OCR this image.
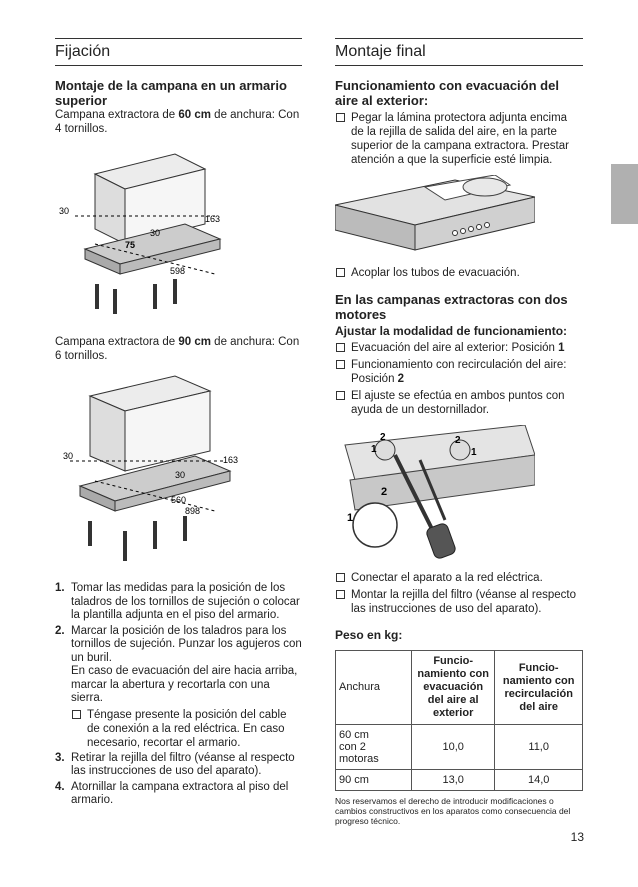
Fijación
Montaje de la campana en un armario superior

Campana extractora de 60 cm de anchura: Con 4 tornillos.

30
163
30
75
598

Campana extractora de 90 cm de anchura: Con 6 tornillos.

30	163
30
560
898
1. Tomar las medidas para la posición de los taladros de los tornillos de sujeción o colocar la plantilla adjunta en el piso del armario.
2. Marcar la posición de los taladros para los tornillos de sujeción. Punzar los agujeros con un buril.
En caso de evacuación del aire hacia arriba, marcar la abertura y recortarla con una sierra.
Téngase presente la posición del cable de conexión a la red eléctrica. En caso necesario, recortar el armario.
3. Retirar la rejilla del filtro (véanse al respecto las instrucciones de uso del aparato).
4. Atornillar la campana extractora al piso del armario.
Montaje final
Funcionamiento con evacuación del aire al exterior:
Pegar la lámina protectora adjunta encima de la rejilla de salida del aire, en la parte superior de la campana extractora. Prestar atención a que la superficie esté limpia.
Acoplar los tubos de evacuación.
En las campanas extractoras con dos motores
Ajustar la modalidad de funcionamiento:
Evacuación del aire al exterior: Posición 1
Funcionamiento con recirculación del aire: Posición 2
El ajuste se efectúa en ambos puntos con ayuda de un destornillador.
2
1
2
1
2
1
Conectar el aparato a la red eléctrica.
Montar la rejilla del filtro (véanse al respecto las instrucciones de uso del aparato).
Peso en kg:
Anchura	Funcio-namiento con evacuación del aire al exterior	Funcio-namiento con recirculación del aire
60 cm
con 2 motoras	10,0	11,0
90 cm	13,0	14,0

Nos reservamos el derecho de introducir modificaciones o cambios constructivos en los aparatos como consecuencia del progreso técnico.

13
